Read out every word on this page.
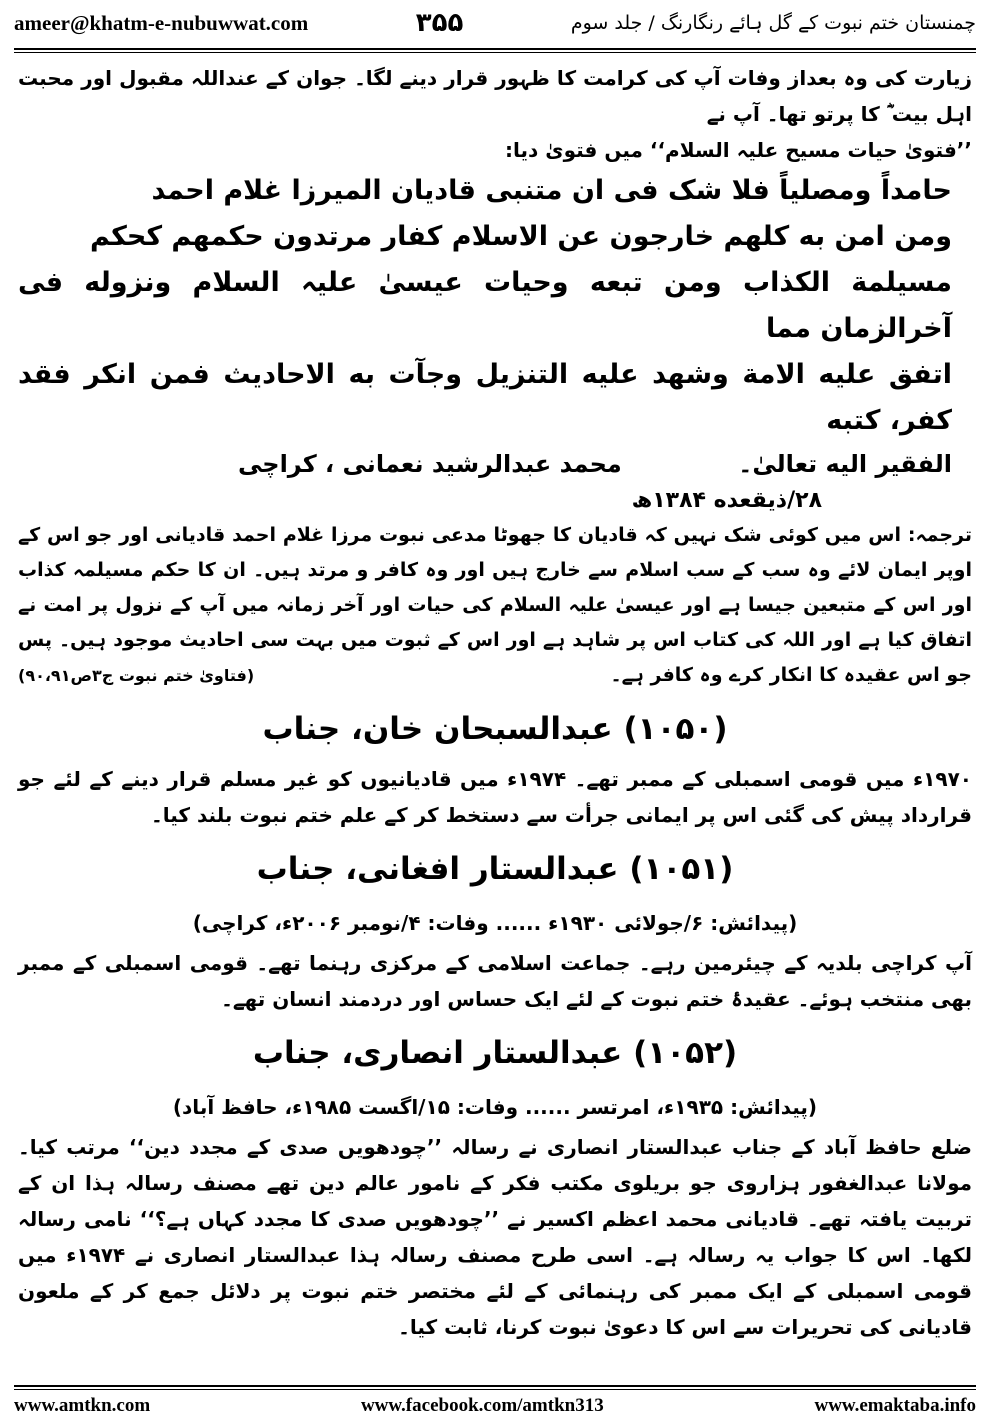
ameer@khatm-e-nubuwwat.com	۳۵۵	چمنستان ختم نبوت کے گل ہائے رنگارنگ / جلد سوم

زیارت کی وہ بعداز وفات آپ کی کرامت کا ظہور قرار دینے لگا۔ جوان کے عنداللہ مقبول اور محبت اہل بیت ؓ کا پرتو تھا۔ آپ نے

’’فتویٰ حیات مسیح علیہ السلام‘‘ میں فتویٰ دیا:

حامداً ومصلیاً فلا شک فی ان متنبی قادیان المیرزا غلام احمد

ومن امن به کلهم خارجون عن الاسلام کفار مرتدون حکمهم کحکم

مسیلمة الکذاب ومن تبعه وحیات عیسیٰ علیہ السلام ونزوله فی آخرالزمان مما

اتفق علیه الامة وشهد علیه التنزیل وجآت به الاحادیث فمن انکر فقد کفر، کتبه

الفقیر الیه تعالیٰ۔
محمد عبدالرشید نعمانی ، کراچی

۲۸/ذیقعده ۱۳۸۴ھ

ترجمہ: اس میں کوئی شک نہیں کہ قادیان کا جھوٹا مدعی نبوت مرزا غلام احمد قادیانی اور جو اس کے اوپر ایمان لائے وہ سب کے سب اسلام سے خارج ہیں اور وہ کافر و مرتد ہیں۔ ان کا حکم مسیلمہ کذاب اور اس کے متبعین جیسا ہے اور عیسیٰ علیہ السلام کی حیات اور آخر زمانہ میں آپ کے نزول پر امت نے اتفاق کیا ہے اور اللہ کی کتاب اس پر شاہد ہے اور اس کے ثبوت میں بہت سی احادیث موجود ہیں۔ پس جو اس عقیدہ کا انکار کرے وہ کافر ہے۔
(فتاویٰ ختم نبوت ج۳ص۹۰،۹۱)

(۱۰۵۰) عبدالسبحان خان، جناب

۱۹۷۰ء میں قومی اسمبلی کے ممبر تھے۔ ۱۹۷۴ء میں قادیانیوں کو غیر مسلم قرار دینے کے لئے جو قرارداد پیش کی گئی اس پر ایمانی جرأت سے دستخط کر کے علم ختم نبوت بلند کیا۔

(۱۰۵۱) عبدالستار افغانی، جناب
(پیدائش: ۶/جولائی ۱۹۳۰ء ...... وفات: ۴/نومبر ۲۰۰۶ء، کراچی)

آپ کراچی بلدیہ کے چیئرمین رہے۔ جماعت اسلامی کے مرکزی رہنما تھے۔ قومی اسمبلی کے ممبر بھی منتخب ہوئے۔ عقیدۂ ختم نبوت کے لئے ایک حساس اور دردمند انسان تھے۔

(۱۰۵۲) عبدالستار انصاری، جناب
(پیدائش: ۱۹۳۵ء، امرتسر ...... وفات: ۱۵/اگست ۱۹۸۵ء، حافظ آباد)

ضلع حافظ آباد کے جناب عبدالستار انصاری نے رسالہ ’’چودھویں صدی کے مجدد دین‘‘ مرتب کیا۔ مولانا عبدالغفور ہزاروی جو بریلوی مکتب فکر کے نامور عالم دین تھے مصنف رسالہ ہذا ان کے تربیت یافتہ تھے۔ قادیانی محمد اعظم اکسیر نے ’’چودھویں صدی کا مجدد کہاں ہے؟‘‘ نامی رسالہ لکھا۔ اس کا جواب یہ رسالہ ہے۔ اسی طرح مصنف رسالہ ہذا عبدالستار انصاری نے ۱۹۷۴ء میں قومی اسمبلی کے ایک ممبر کی رہنمائی کے لئے مختصر ختم نبوت پر دلائل جمع کر کے ملعون قادیانی کی تحریرات سے اس کا دعویٰ نبوت کرنا، ثابت کیا۔

www.amtkn.com	www.facebook.com/amtkn313	www.emaktaba.info
